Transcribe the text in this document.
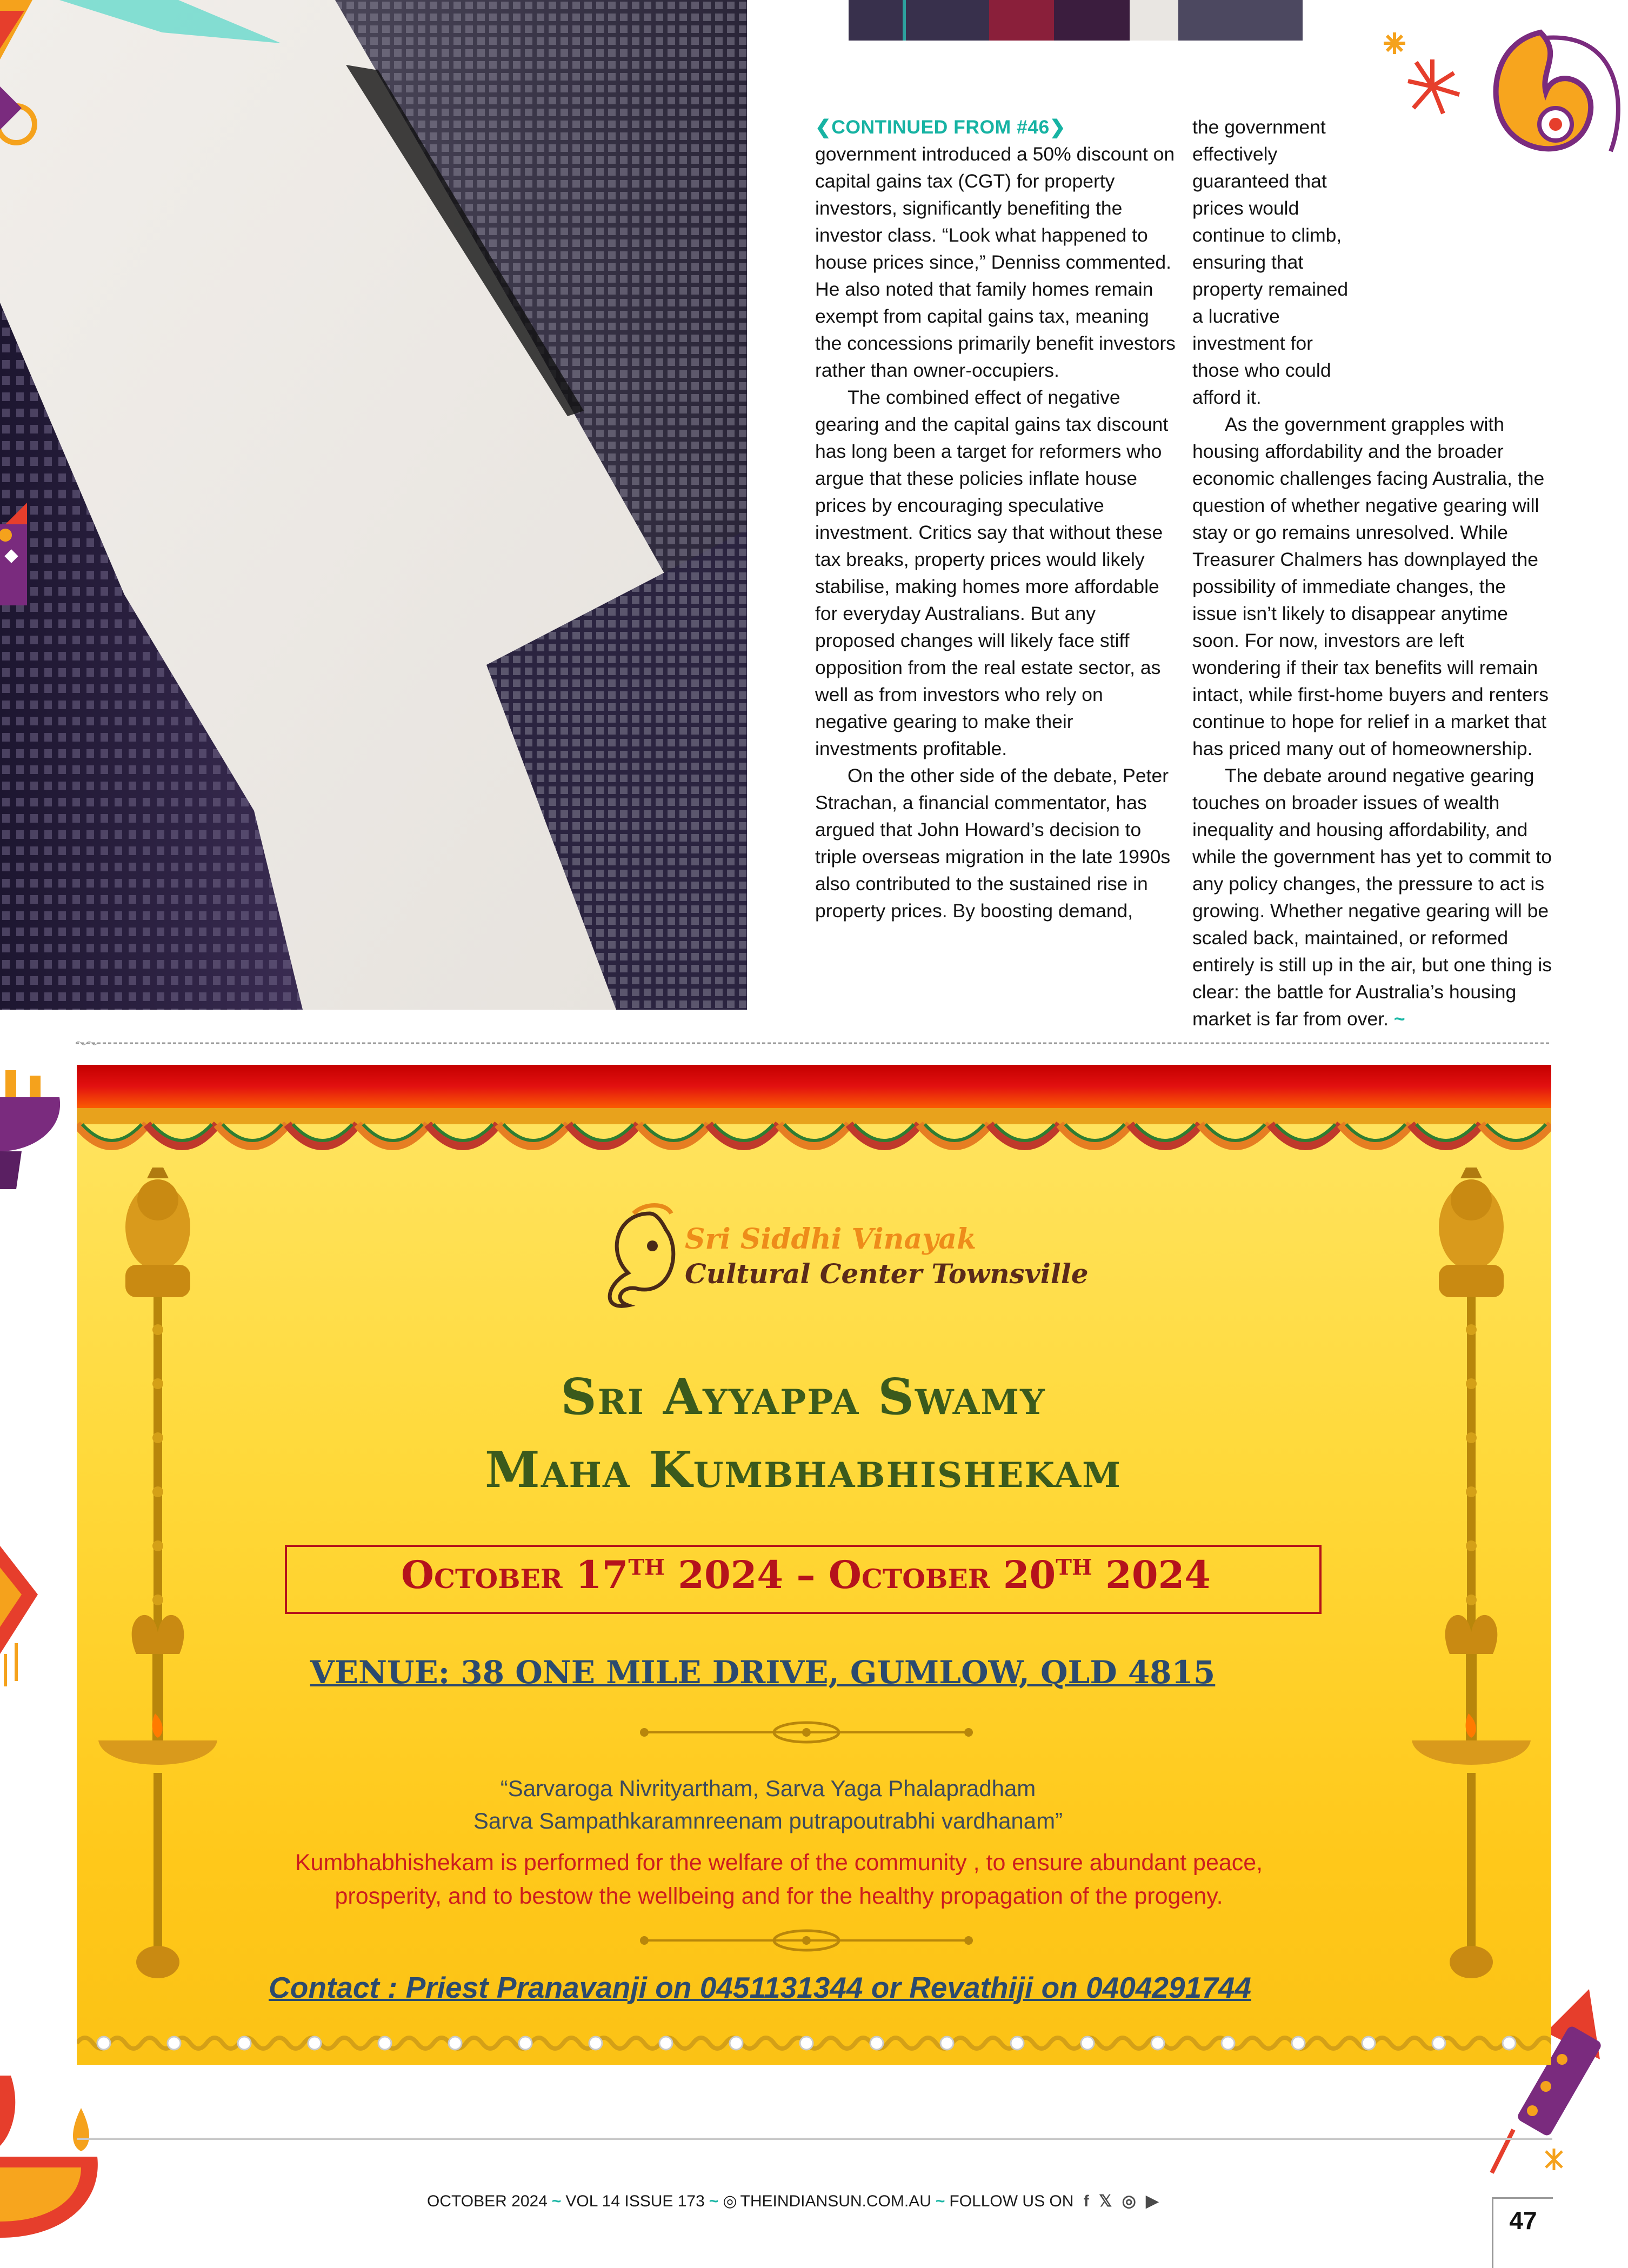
❮CONTINUED FROM #46❯

government introduced a 50% discount on capital gains tax (CGT) for property investors, significantly benefiting the investor class. “Look what happened to house prices since,” Denniss commented. He also noted that family homes remain exempt from capital gains tax, meaning the concessions primarily benefit investors rather than owner-occupiers.

The combined effect of negative gearing and the capital gains tax discount has long been a target for reformers who argue that these policies inflate house prices by encouraging speculative investment. Critics say that without these tax breaks, property prices would likely stabilise, making homes more affordable for everyday Australians. But any proposed changes will likely face stiff opposition from the real estate sector, as well as from investors who rely on negative gearing to make their investments profitable.

On the other side of the debate, Peter Strachan, a financial commentator, has argued that John Howard’s decision to triple overseas migration in the late 1990s also contributed to the sustained rise in property prices. By boosting demand,

the government effectively guaranteed that prices would continue to climb, ensuring that property remained a lucrative investment for those who could afford it.

As the government grapples with housing affordability and the broader economic challenges facing Australia, the question of whether negative gearing will stay or go remains unresolved. While Treasurer Chalmers has downplayed the possibility of immediate changes, the issue isn’t likely to disappear anytime soon. For now, investors are left wondering if their tax benefits will remain intact, while first-home buyers and renters continue to hope for relief in a market that has priced many out of homeownership.

The debate around negative gearing touches on broader issues of wealth inequality and housing affordability, and while the government has yet to commit to any policy changes, the pressure to act is growing. Whether negative gearing will be scaled back, maintained, or reformed entirely is still up in the air, but one thing is clear: the battle for Australia’s housing market is far from over. ~

Sri Siddhi Vinayak
Cultural Center Townsville
Sri Ayyappa Swamy
Maha Kumbhabhishekam
October 17TH 2024 – October 20TH 2024
VENUE: 38 ONE MILE DRIVE, GUMLOW, QLD 4815
“Sarvaroga Nivrityartham, Sarva Yaga Phalapradham
Sarva Sampathkaramnreenam putrapoutrabhi vardhanam”
Kumbhabhishekam is performed for the welfare of the community , to ensure abundant peace,
prosperity, and to bestow the wellbeing and for the healthy propagation of the progeny.
Contact : Priest Pranavanji on 0451131344 or Revathiji on 0404291744
OCTOBER 2024 ~ VOL 14 ISSUE 173 ~ ◎ THEINDIANSUN.COM.AU ~ FOLLOW US ON f 𝕏 ◎ ▶
47
